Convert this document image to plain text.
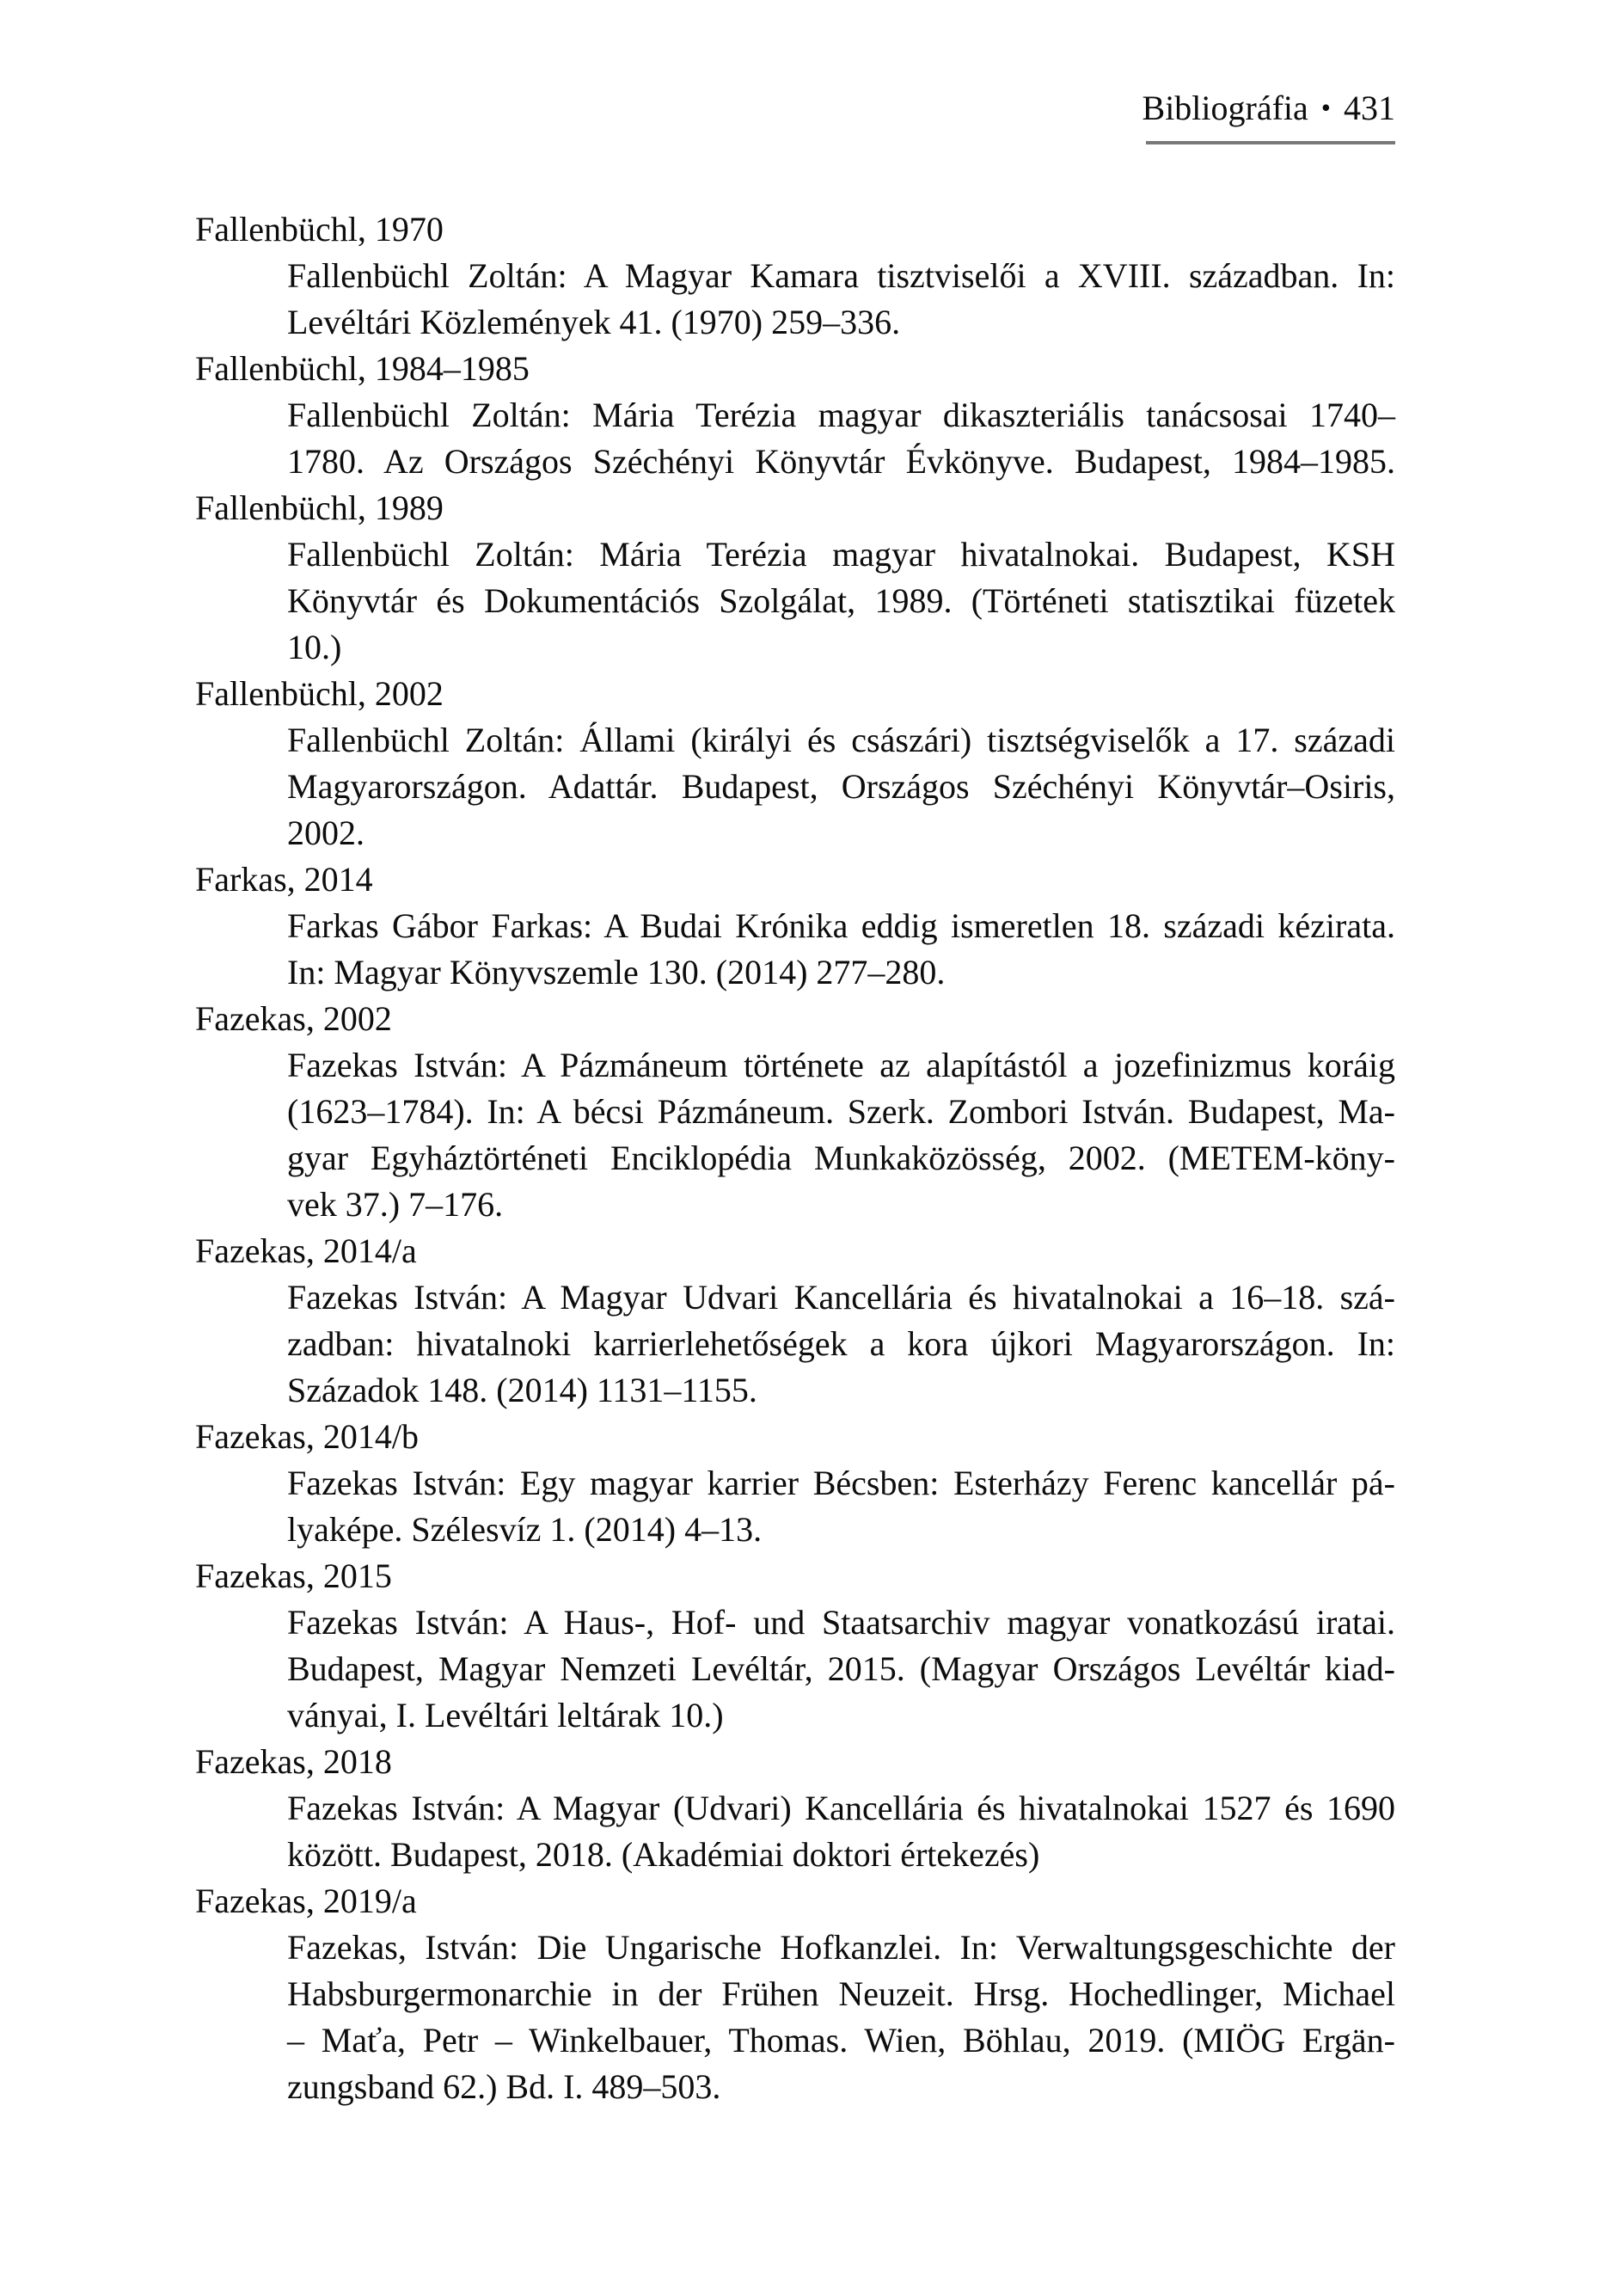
Bibliográfia • 431
Fallenbüchl, 1970
Fallenbüchl Zoltán: A Magyar Kamara tisztviselői a XVIII. században. In:
Levéltári Közlemények 41. (1970) 259–336.
Fallenbüchl, 1984–1985
Fallenbüchl Zoltán: Mária Terézia magyar dikaszteriális tanácsosai 1740–
1780. Az Országos Széchényi Könyvtár Évkönyve. Budapest, 1984–1985.
Fallenbüchl, 1989
Fallenbüchl Zoltán: Mária Terézia magyar hivatalnokai. Budapest, KSH
Könyvtár és Dokumentációs Szolgálat, 1989. (Történeti statisztikai füzetek
10.)
Fallenbüchl, 2002
Fallenbüchl Zoltán: Állami (királyi és császári) tisztségviselők a 17. századi
Magyarországon. Adattár. Budapest, Országos Széchényi Könyvtár–Osiris,
2002.
Farkas, 2014
Farkas Gábor Farkas: A Budai Krónika eddig ismeretlen 18. századi kézirata.
In: Magyar Könyvszemle 130. (2014) 277–280.
Fazekas, 2002
Fazekas István: A Pázmáneum története az alapítástól a jozefinizmus koráig
(1623–1784). In: A bécsi Pázmáneum. Szerk. Zombori István. Budapest, Ma-
gyar Egyháztörténeti Enciklopédia Munkaközösség, 2002. (METEM-köny-
vek 37.) 7–176.
Fazekas, 2014/a
Fazekas István: A Magyar Udvari Kancellária és hivatalnokai a 16–18. szá-
zadban: hivatalnoki karrierlehetőségek a kora újkori Magyarországon. In:
Századok 148. (2014) 1131–1155.
Fazekas, 2014/b
Fazekas István: Egy magyar karrier Bécsben: Esterházy Ferenc kancellár pá-
lyaképe. Szélesvíz 1. (2014) 4–13.
Fazekas, 2015
Fazekas István: A Haus-, Hof- und Staatsarchiv magyar vonatkozású iratai.
Budapest, Magyar Nemzeti Levéltár, 2015. (Magyar Országos Levéltár kiad-
ványai, I. Levéltári leltárak 10.)
Fazekas, 2018
Fazekas István: A Magyar (Udvari) Kancellária és hivatalnokai 1527 és 1690
között. Budapest, 2018. (Akadémiai doktori értekezés)
Fazekas, 2019/a
Fazekas, István: Die Ungarische Hofkanzlei. In: Verwaltungsgeschichte der
Habsburgermonarchie in der Frühen Neuzeit. Hrsg. Hochedlinger, Michael
– Maťa, Petr – Winkelbauer, Thomas. Wien, Böhlau, 2019. (MIÖG Ergän-
zungsband 62.) Bd. I. 489–503.
